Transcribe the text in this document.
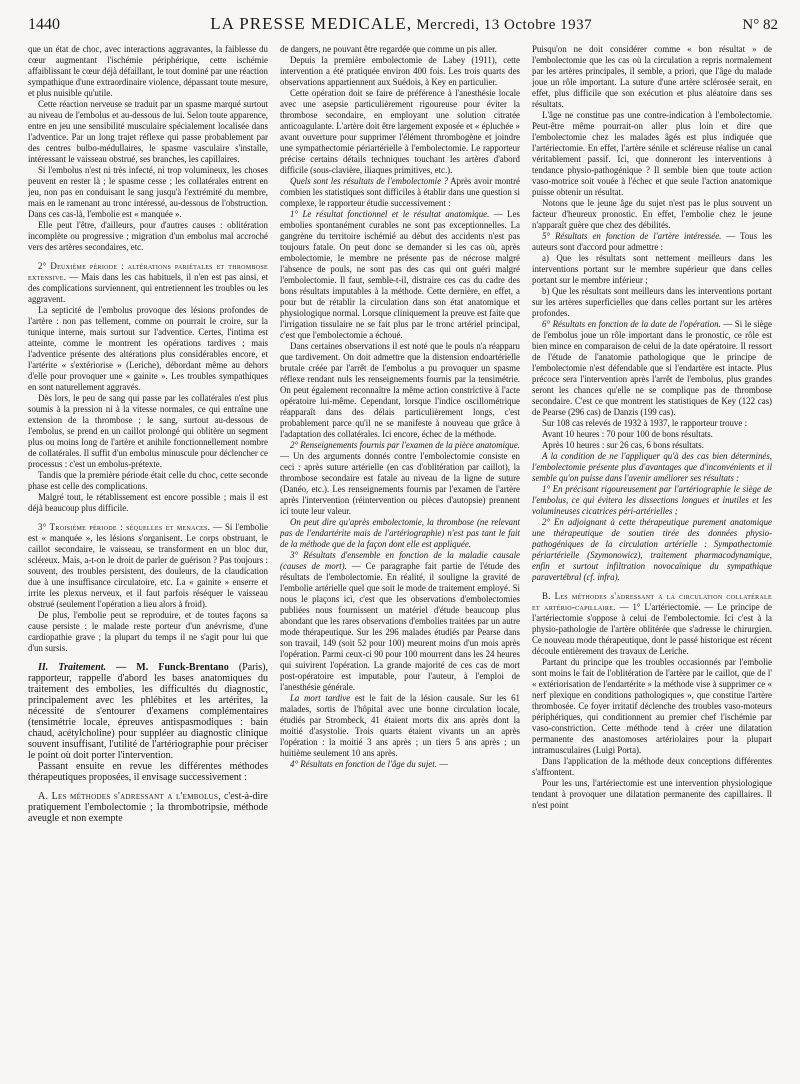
1440	LA PRESSE MEDICALE, Mercredi, 13 Octobre 1937	N° 82

que un état de choc, avec interactions aggravantes, la faiblesse du cœur augmentant l'ischémie périphérique, cette ischémie affaiblissant le cœur déjà défaillant, le tout dominé par une réaction sympathique d'une extraordinaire violence, dépassant toute mesure, et plus nuisible qu'utile.

Cette réaction nerveuse se traduit par un spasme marqué surtout au niveau de l'embolus et au-dessous de lui. Selon toute apparence, entre en jeu une sensibilité musculaire spécialement localisée dans l'adventice. Par un long trajet réflexe qui passe probablement par des centres bulbo-médullaires, le spasme vasculaire s'installe, intéressant le vaisseau obstrué, ses branches, les capillaires.

Si l'embolus n'est ni très infecté, ni trop volumineux, les choses peuvent en rester là ; le spasme cesse ; les collatérales entrent en jeu, non pas en conduisant le sang jusqu'à l'extrémité du membre, mais en le ramenant au tronc intéressé, au-dessous de l'obstruction. Dans ces cas-là, l'embolie est « manquée ».

Elle peut l'être, d'ailleurs, pour d'autres causes : oblitération incomplète ou progressive ; migration d'un embolus mal accroché vers des artères secondaires, etc.

2° Deuxième période : altérations pariétales et thrombose extensive. — Mais dans les cas habituels, il n'en est pas ainsi, et des complications surviennent, qui entretiennent les troubles ou les aggravent.

La septicité de l'embolus provoque des lésions profondes de l'artère : non pas tellement, comme on pourrait le croire, sur la tunique interne, mais surtout sur l'adventice. Certes, l'intima est atteinte, comme le montrent les opérations tardives ; mais l'adventice présente des altérations plus considérables encore, et l'artérite « s'extériorise » (Leriche), débordant même au dehors d'elle pour provoquer une « gainite ». Les troubles sympathiques en sont naturellement aggravés.

Dès lors, le peu de sang qui passe par les collatérales n'est plus soumis à la pression ni à la vitesse normales, ce qui entraîne une extension de la thrombose ; le sang, surtout au-dessous de l'embolus, se prend en un caillot prolongé qui oblitère un segment plus ou moins long de l'artère et anihile fonctionnellement nombre de collatérales. Il suffit d'un embolus minuscule pour déclencher ce processus : c'est un embolus-prétexte.

Tandis que la première période était celle du choc, cette seconde phase est celle des complications.

Malgré tout, le rétablissement est encore possible ; mais il est déjà beaucoup plus difficile.

3° Troisième période : séquelles et menaces. — Si l'embolie est « manquée », les lésions s'organisent. Le corps obstruant, le caillot secondaire, le vaisseau, se transforment en un bloc dur, scléreux. Mais, a-t-on le droit de parler de guérison ? Pas toujours : souvent, des troubles persistent, des douleurs, de la claudication due à une insuffisance circulatoire, etc. La « gainite » enserre et irrite les plexus nerveux, et il faut parfois réséquer le vaisseau obstrué (seulement l'opération a lieu alors à froid).

De plus, l'embolie peut se reproduire, et de toutes façons sa cause persiste : le malade reste porteur d'un anévrisme, d'une cardiopathie grave ; la plupart du temps il ne s'agit pour lui que d'un sursis.

II. Traitement. — M. Funck-Brentano (Paris), rapporteur, rappelle d'abord les bases anatomiques du traitement des embolies, les difficultés du diagnostic, principalement avec les phlébites et les artérites, la nécessité de s'entourer d'examens complémentaires (tensimétrie locale, épreuves antispasmodiques : bain chaud, acétylcholine) pour suppléer au diagnostic clinique souvent insuffisant, l'utilité de l'artériographie pour préciser le point où doit porter l'intervention.

Passant ensuite en revue les différentes méthodes thérapeutiques proposées, il envisage successivement :

A. Les méthodes s'adressant a l'embolus, c'est-à-dire pratiquement l'embolectomie ; la thrombotripsie, méthode aveugle et non exempte

de dangers, ne pouvant être regardée que comme un pis aller.

Depuis la première embolectomie de Labey (1911), cette intervention a été pratiquée environ 400 fois. Les trois quarts des observations appartiennent aux Suédois, à Key en particulier.

Cette opération doit se faire de préférence à l'anesthésie locale avec une asepsie particulièrement rigoureuse pour éviter la thrombose secondaire, en employant une solution citratée anticoagulante. L'artère doit être largement exposée et « épluchée » avant ouverture pour supprimer l'élément thrombogène et joindre une sympathectomie périartérielle à l'embolectomie. Le rapporteur précise certains détails techniques touchant les artères d'abord difficile (sous-clavière, iliaques primitives, etc.).

Quels sont les résultats de l'embolectomie ? Après avoir montré combien les statistiques sont difficiles à établir dans une question si complexe, le rapporteur étudie successivement :

1° Le résultat fonctionnel et le résultat anatomique. — Les embolies spontanément curables ne sont pas exceptionnelles. La gangrène du territoire ischémié au début des accidents n'est pas toujours fatale. On peut donc se demander si les cas où, après embolectomie, le membre ne présente pas de nécrose malgré l'absence de pouls, ne sont pas des cas qui ont guéri malgré l'embolectomie. Il faut, semble-t-il, distraire ces cas du cadre des bons résultats imputables à la méthode. Cette dernière, en effet, a pour but de rétablir la circulation dans son état anatomique et physiologique normal. Lorsque cliniquement la preuve est faite que l'irrigation tissulaire ne se fait plus par le tronc artériel principal, c'est que l'embolectomie a échoué.

Dans certaines observations il est noté que le pouls n'a réapparu que tardivement. On doit admettre que la distension endoartérielle brutale créée par l'arrêt de l'embolus a pu provoquer un spasme réflexe rendant nuls les renseignements fournis par la tensimétrie. On peut également reconnaître la même action constrictive à l'acte opératoire lui-même. Cependant, lorsque l'indice oscillométrique réapparaît dans des délais particulièrement longs, c'est probablement parce qu'il ne se manifeste à nouveau que grâce à l'adaptation des collatérales. Ici encore, échec de la méthode.

2° Renseignements fournis par l'examen de la pièce anatomique. — Un des arguments donnés contre l'embolectomie consiste en ceci : après suture artérielle (en cas d'oblitération par caillot), la thrombose secondaire est fatale au niveau de la ligne de suture (Danéo, etc.). Les renseignements fournis par l'examen de l'artère après l'intervention (réintervention ou pièces d'autopsie) prennent ici toute leur valeur.

On peut dire qu'après embolectomie, la thrombose (ne relevant pas de l'endartérite mais de l'artériographie) n'est pas tant le fait de la méthode que de la façon dont elle est appliquée.

3° Résultats d'ensemble en fonction de la maladie causale (causes de mort). — Ce paragraphe fait partie de l'étude des résultats de l'embolectomie. En réalité, il souligne la gravité de l'embolie artérielle quel que soit le mode de traitement employé. Si nous le plaçons ici, c'est que les observations d'embolectomies publiées nous fournissent un matériel d'étude beaucoup plus abondant que les rares observations d'embolies traitées par un autre mode thérapeutique. Sur les 296 malades étudiés par Pearse dans son travail, 149 (soit 52 pour 100) meurent moins d'un mois après l'opération. Parmi ceux-ci 90 pour 100 mourrent dans les 24 heures qui suivirent l'opération. La grande majorité de ces cas de mort post-opératoire est imputable, pour l'auteur, à l'emploi de l'anesthésie générale.

La mort tardive est le fait de la lésion causale. Sur les 61 malades, sortis de l'hôpital avec une bonne circulation locale, étudiés par Strombeck, 41 étaient morts dix ans après dont la moitié d'asystolie. Trois quarts étaient vivants un an après l'opération : la moitié 3 ans après ; un tiers 5 ans après ; un huitième seulement 10 ans après.

4° Résultats en fonction de l'âge du sujet. —

Puisqu'on ne doit considérer comme « bon résultat » de l'embolectomie que les cas où la circulation a repris normalement par les artères principales, il semble, a priori, que l'âge du malade joue un rôle important. La suture d'une artère sclérosée serait, en effet, plus difficile que son exécution et plus aléatoire dans ses résultats.

L'âge ne constitue pas une contre-indication à l'embolectomie. Peut-être même pourrait-on aller plus loin et dire que l'embolectomie chez les malades âgés est plus indiquée que l'artériectomie. En effet, l'artère sénile et scléreuse réalise un canal véritablement passif. Ici, que donneront les interventions à tendance physio-pathogénique ? Il semble bien que toute action vaso-motrice soit vouée à l'échec et que seule l'action anatomique puisse obtenir un résultat.

Notons que le jeune âge du sujet n'est pas le plus souvent un facteur d'heureux pronostic. En effet, l'embolie chez le jeune n'apparaît guère que chez des débilités.

5° Résultats en fonction de l'artère intéressée. — Tous les auteurs sont d'accord pour admettre :

a) Que les résultats sont nettement meilleurs dans les interventions portant sur le membre supérieur que dans celles portant sur le membre inférieur ;

b) Que les résultats sont meilleurs dans les interventions portant sur les artères superficielles que dans celles portant sur les artères profondes.

6° Résultats en fonction de la date de l'opération. — Si le siège de l'embolus joue un rôle important dans le pronostic, ce rôle est bien mince en comparaison de celui de la date opératoire. Il ressort de l'étude de l'anatomie pathologique que le principe de l'embolectomie n'est défendable que si l'endartère est intacte. Plus précoce sera l'intervention après l'arrêt de l'embolus, plus grandes seront les chances qu'elle ne se complique pas de thrombose secondaire. C'est ce que montrent les statistiques de Key (122 cas) de Pearse (296 cas) de Danzis (199 cas).

Sur 108 cas relevés de 1932 à 1937, le rapporteur trouve :

Avant 10 heures : 70 pour 100 de bons résultats.

Après 10 heures : sur 26 cas, 6 bons résultats.

A la condition de ne l'appliquer qu'à des cas bien déterminés, l'embolectomie présente plus d'avantages que d'inconvénients et il semble qu'on puisse dans l'avenir améliorer ses résultats :

1° En précisant rigoureusement par l'artériographie le siège de l'embolus, ce qui évitera les dissections longues et inutiles et les volumineuses cicatrices péri-artérielles ;

2° En adjoignant à cette thérapeutique purement anatomique une thérapeutique de soutien tirée des données physio-pathogéniques de la circulation artérielle : Sympathectomie périartérielle (Szymonowicz), traitement pharmacodynamique, enfin et surtout infiltration novocaïnique du sympathique paravertébral (cf. infra).

B. Les méthodes s'adressant a la circulation collatérale et artério-capillaire. — 1° L'artériectomie. — Le principe de l'artériectomie s'oppose à celui de l'embolectomie. Ici c'est à la physio-pathologie de l'artère oblitérée que s'adresse le chirurgien. Ce nouveau mode thérapeutique, dont le passé historique est récent découle entièrement des travaux de Leriche.

Partant du principe que les troubles occasionnés par l'embolie sont moins le fait de l'oblitération de l'artère par le caillot, que de l' « extériorisation de l'endartérite » la méthode vise à supprimer ce « nerf plexique en conditions pathologiques », que constitue l'artère thrombosée. Ce foyer irritatif déclenche des troubles vaso-moteurs périphériques, qui conditionnent au premier chef l'ischémie par vaso-constriction. Cette méthode tend à créer une dilatation permanente des anastomoses artériolaires pour la plupart intramusculaires (Luigi Porta).

Dans l'application de la méthode deux conceptions différentes s'affrontent.

Pour les uns, l'artériectomie est une intervention physiologique tendant à provoquer une dilatation permanente des capillaires. Il n'est point
